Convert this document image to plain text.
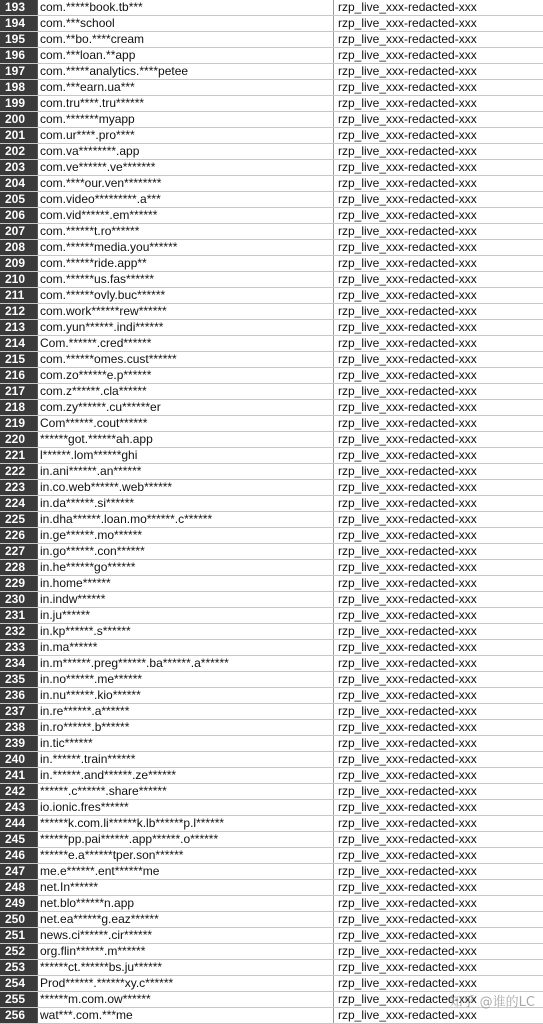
193	com.*****book.tb***	rzp_live_xxx-redacted-xxx
194	com.***school	rzp_live_xxx-redacted-xxx
195	com.**bo.****cream	rzp_live_xxx-redacted-xxx
196	com.***loan.**app	rzp_live_xxx-redacted-xxx
197	com.*****analytics.****petee	rzp_live_xxx-redacted-xxx
198	com.***earn.ua***	rzp_live_xxx-redacted-xxx
199	com.tru****.tru******	rzp_live_xxx-redacted-xxx
200	com.*******myapp	rzp_live_xxx-redacted-xxx
201	com.ur****.pro****	rzp_live_xxx-redacted-xxx
202	com.va********.app	rzp_live_xxx-redacted-xxx
203	com.ve******.ve*******	rzp_live_xxx-redacted-xxx
204	com.****our.ven********	rzp_live_xxx-redacted-xxx
205	com.video*********.a***	rzp_live_xxx-redacted-xxx
206	com.vid******.em******	rzp_live_xxx-redacted-xxx
207	com.******t.ro******	rzp_live_xxx-redacted-xxx
208	com.******media.you******	rzp_live_xxx-redacted-xxx
209	com.******ride.app**	rzp_live_xxx-redacted-xxx
210	com.******us.fas******	rzp_live_xxx-redacted-xxx
211	com.******ovly.buc******	rzp_live_xxx-redacted-xxx
212	com.work******rew******	rzp_live_xxx-redacted-xxx
213	com.yun******.indi******	rzp_live_xxx-redacted-xxx
214	Com.******.cred******	rzp_live_xxx-redacted-xxx
215	com.******omes.cust******	rzp_live_xxx-redacted-xxx
216	com.zo******e.p******	rzp_live_xxx-redacted-xxx
217	com.z******.cla******	rzp_live_xxx-redacted-xxx
218	com.zy******.cu******er	rzp_live_xxx-redacted-xxx
219	Com******.cout******	rzp_live_xxx-redacted-xxx
220	******got.******ah.app	rzp_live_xxx-redacted-xxx
221	l******.lom******ghi	rzp_live_xxx-redacted-xxx
222	in.ani******.an******	rzp_live_xxx-redacted-xxx
223	in.co.web******.web******	rzp_live_xxx-redacted-xxx
224	in.da******.si******	rzp_live_xxx-redacted-xxx
225	in.dha******.loan.mo******.c******	rzp_live_xxx-redacted-xxx
226	in.ge******.mo******	rzp_live_xxx-redacted-xxx
227	in.go******.con******	rzp_live_xxx-redacted-xxx
228	in.he******go******	rzp_live_xxx-redacted-xxx
229	in.home******	rzp_live_xxx-redacted-xxx
230	in.indw******	rzp_live_xxx-redacted-xxx
231	in.ju******	rzp_live_xxx-redacted-xxx
232	in.kp******.s******	rzp_live_xxx-redacted-xxx
233	in.ma******	rzp_live_xxx-redacted-xxx
234	in.m******.preg******.ba******.a******	rzp_live_xxx-redacted-xxx
235	in.no******.me******	rzp_live_xxx-redacted-xxx
236	in.nu******.kio******	rzp_live_xxx-redacted-xxx
237	in.re******.a******	rzp_live_xxx-redacted-xxx
238	in.ro******.b******	rzp_live_xxx-redacted-xxx
239	in.tic******	rzp_live_xxx-redacted-xxx
240	in.******.train******	rzp_live_xxx-redacted-xxx
241	in.******.and******.ze******	rzp_live_xxx-redacted-xxx
242	******.c******.share******	rzp_live_xxx-redacted-xxx
243	io.ionic.fres******	rzp_live_xxx-redacted-xxx
244	******k.com.li******k.lb******p.l******	rzp_live_xxx-redacted-xxx
245	******pp.pai******.app******.o******	rzp_live_xxx-redacted-xxx
246	******e.a******tper.son******	rzp_live_xxx-redacted-xxx
247	me.e******.ent******me	rzp_live_xxx-redacted-xxx
248	net.In******	rzp_live_xxx-redacted-xxx
249	net.blo******n.app	rzp_live_xxx-redacted-xxx
250	net.ea******g.eaz******	rzp_live_xxx-redacted-xxx
251	news.ci******.cir******	rzp_live_xxx-redacted-xxx
252	org.flin******.m******	rzp_live_xxx-redacted-xxx
253	******ct.******bs.ju******	rzp_live_xxx-redacted-xxx
254	Prod******.******xy.c******	rzp_live_xxx-redacted-xxx
255	******m.com.ow******	rzp_live_xxx-redacted-xxx
256	wat***.com.***me	rzp_live_xxx-redacted-xxx
知乎 @谁的LC
